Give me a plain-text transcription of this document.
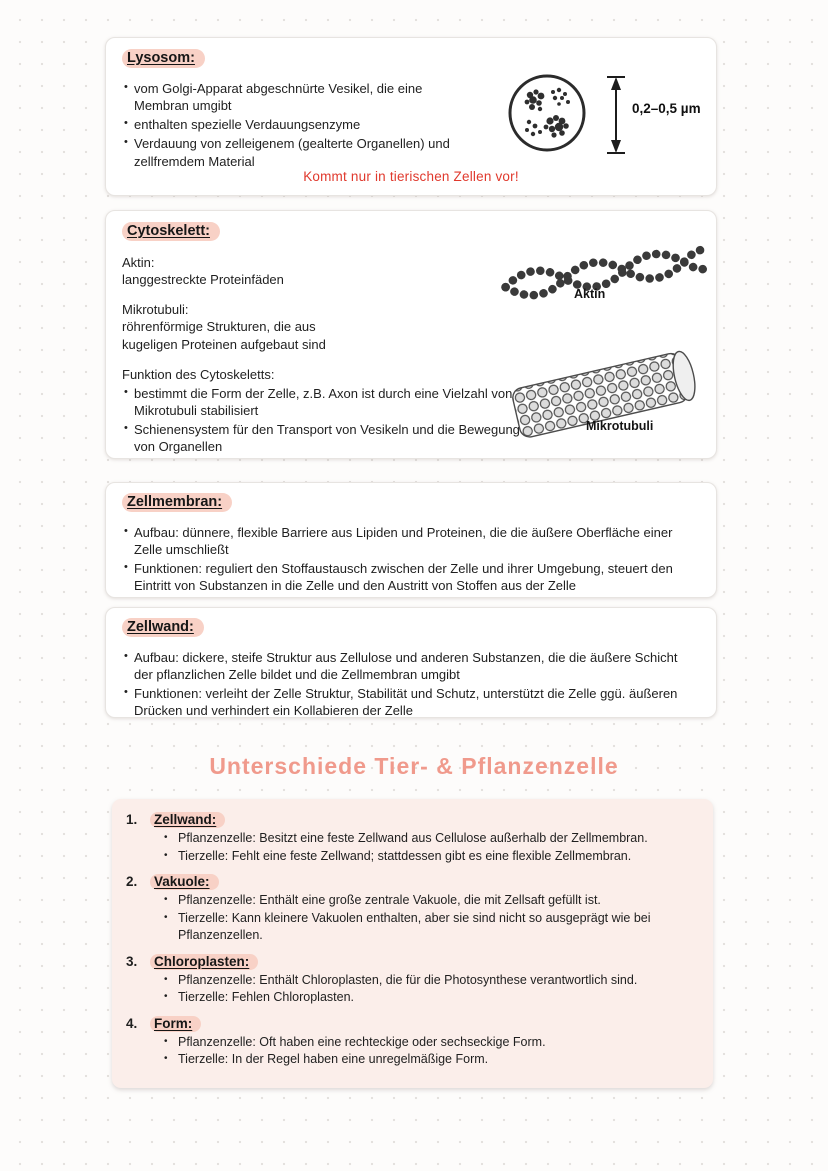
Lysosom:
• vom Golgi-Apparat abgeschnürte Vesikel, die eine Membran umgibt
• enthalten spezielle Verdauungsenzyme
• Verdauung von zelleigenem (gealterte Organellen) und zellfremdem Material
0,2–0,5 µm
Kommt nur in tierischen Zellen vor!
Cytoskelett:
Aktin:
langgestreckte Proteinfäden
Mikrotubuli:
röhrenförmige Strukturen, die aus kugeligen Proteinen aufgebaut sind
Funktion des Cytoskeletts:
• bestimmt die Form der Zelle, z.B. Axon ist durch eine Vielzahl von Mikrotubuli stabilisiert
• Schienensystem für den Transport von Vesikeln und die Bewegung von Organellen
Aktin
Mikrotubuli
Zellmembran:
• Aufbau: dünnere, flexible Barriere aus Lipiden und Proteinen, die die äußere Oberfläche einer Zelle umschließt
• Funktionen: reguliert den Stoffaustausch zwischen der Zelle und ihrer Umgebung, steuert den Eintritt von Substanzen in die Zelle und den Austritt von Stoffen aus der Zelle
Zellwand:
• Aufbau: dickere, steife Struktur aus Zellulose und anderen Substanzen, die die äußere Schicht der pflanzlichen Zelle bildet und die Zellmembran umgibt
• Funktionen: verleiht der Zelle Struktur, Stabilität und Schutz, unterstützt die Zelle ggü. äußeren Drücken und verhindert ein Kollabieren der Zelle
Unterschiede Tier- & Pflanzenzelle
1.	Zellwand:
• Pflanzenzelle: Besitzt eine feste Zellwand aus Cellulose außerhalb der Zellmembran.
• Tierzelle: Fehlt eine feste Zellwand; stattdessen gibt es eine flexible Zellmembran.
2.	Vakuole:
• Pflanzenzelle: Enthält eine große zentrale Vakuole, die mit Zellsaft gefüllt ist.
• Tierzelle: Kann kleinere Vakuolen enthalten, aber sie sind nicht so ausgeprägt wie bei Pflanzenzellen.
3.	Chloroplasten:
• Pflanzenzelle: Enthält Chloroplasten, die für die Photosynthese verantwortlich sind.
• Tierzelle: Fehlen Chloroplasten.
4.	Form:
• Pflanzenzelle: Oft haben eine rechteckige oder sechseckige Form.
• Tierzelle: In der Regel haben eine unregelmäßige Form.
